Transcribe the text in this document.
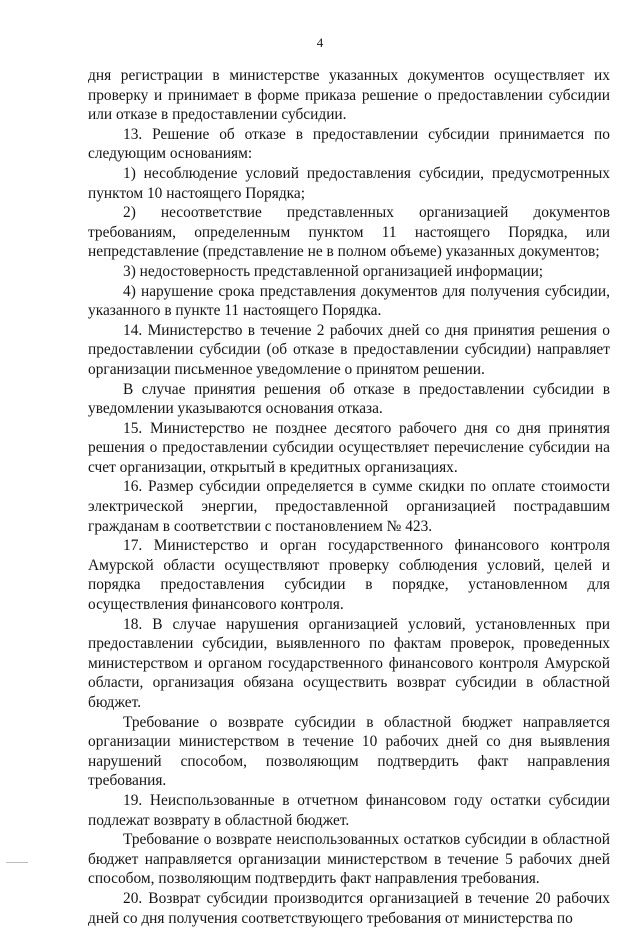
4

дня регистрации в министерстве указанных документов осуществляет их проверку и принимает в форме приказа решение о предоставлении субсидии или отказе в предоставлении субсидии.

13. Решение об отказе в предоставлении субсидии принимается по следующим основаниям:

1) несоблюдение условий предоставления субсидии, предусмотренных пунктом 10 настоящего Порядка;

2) несоответствие представленных организацией документов требованиям, определенным пунктом 11 настоящего Порядка, или непредставление (представление не в полном объеме) указанных документов;

3) недостоверность представленной организацией информации;

4) нарушение срока представления документов для получения субсидии, указанного в пункте 11 настоящего Порядка.

14. Министерство в течение 2 рабочих дней со дня принятия решения о предоставлении субсидии (об отказе в предоставлении субсидии) направляет организации письменное уведомление о принятом решении.

В случае принятия решения об отказе в предоставлении субсидии в уведомлении указываются основания отказа.

15. Министерство не позднее десятого рабочего дня со дня принятия решения о предоставлении субсидии осуществляет перечисление субсидии на счет организации, открытый в кредитных организациях.

16. Размер субсидии определяется в сумме скидки по оплате стоимости электрической энергии, предоставленной организацией пострадавшим гражданам в соответствии с постановлением № 423.

17. Министерство и орган государственного финансового контроля Амурской области осуществляют проверку соблюдения условий, целей и порядка предоставления субсидии в порядке, установленном для осуществления финансового контроля.

18. В случае нарушения организацией условий, установленных при предоставлении субсидии, выявленного по фактам проверок, проведенных министерством и органом государственного финансового контроля Амурской области, организация обязана осуществить возврат субсидии в областной бюджет.

Требование о возврате субсидии в областной бюджет направляется организации министерством в течение 10 рабочих дней со дня выявления нарушений способом, позволяющим подтвердить факт направления требования.

19. Неиспользованные в отчетном финансовом году остатки субсидии подлежат возврату в областной бюджет.

Требование о возврате неиспользованных остатков субсидии в областной бюджет направляется организации министерством в течение 5 рабочих дней способом, позволяющим подтвердить факт направления требования.

20. Возврат субсидии производится организацией в течение 20 рабочих дней со дня получения соответствующего требования от министерства по
